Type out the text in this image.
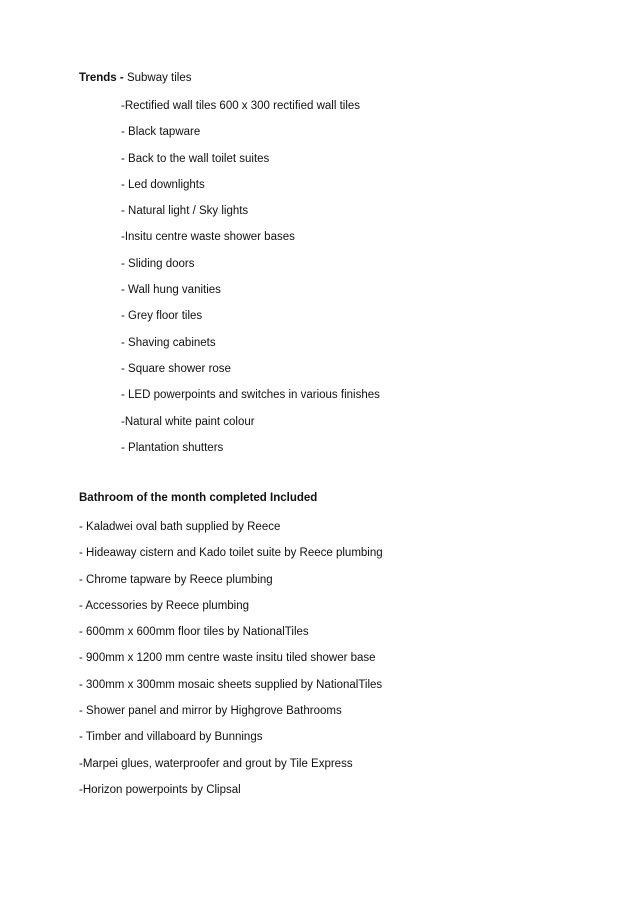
Trends - Subway tiles
-Rectified wall tiles 600 x 300 rectified wall tiles
- Black tapware
- Back to the wall toilet suites
- Led downlights
- Natural light / Sky lights
-Insitu centre waste shower bases
- Sliding doors
- Wall hung vanities
- Grey floor tiles
- Shaving cabinets
- Square shower rose
- LED powerpoints and switches in various finishes
-Natural white paint colour
- Plantation shutters
Bathroom of the month completed Included
- Kaladwei oval bath supplied by Reece
- Hideaway cistern and Kado toilet suite by Reece plumbing
- Chrome tapware by Reece plumbing
- Accessories by Reece plumbing
- 600mm x 600mm floor tiles by NationalTiles
- 900mm x 1200 mm centre waste insitu tiled shower base
- 300mm x 300mm mosaic sheets supplied by NationalTiles
- Shower panel and mirror by Highgrove Bathrooms
- Timber and villaboard by Bunnings
-Marpei glues, waterproofer and grout by Tile Express
-Horizon powerpoints by Clipsal
